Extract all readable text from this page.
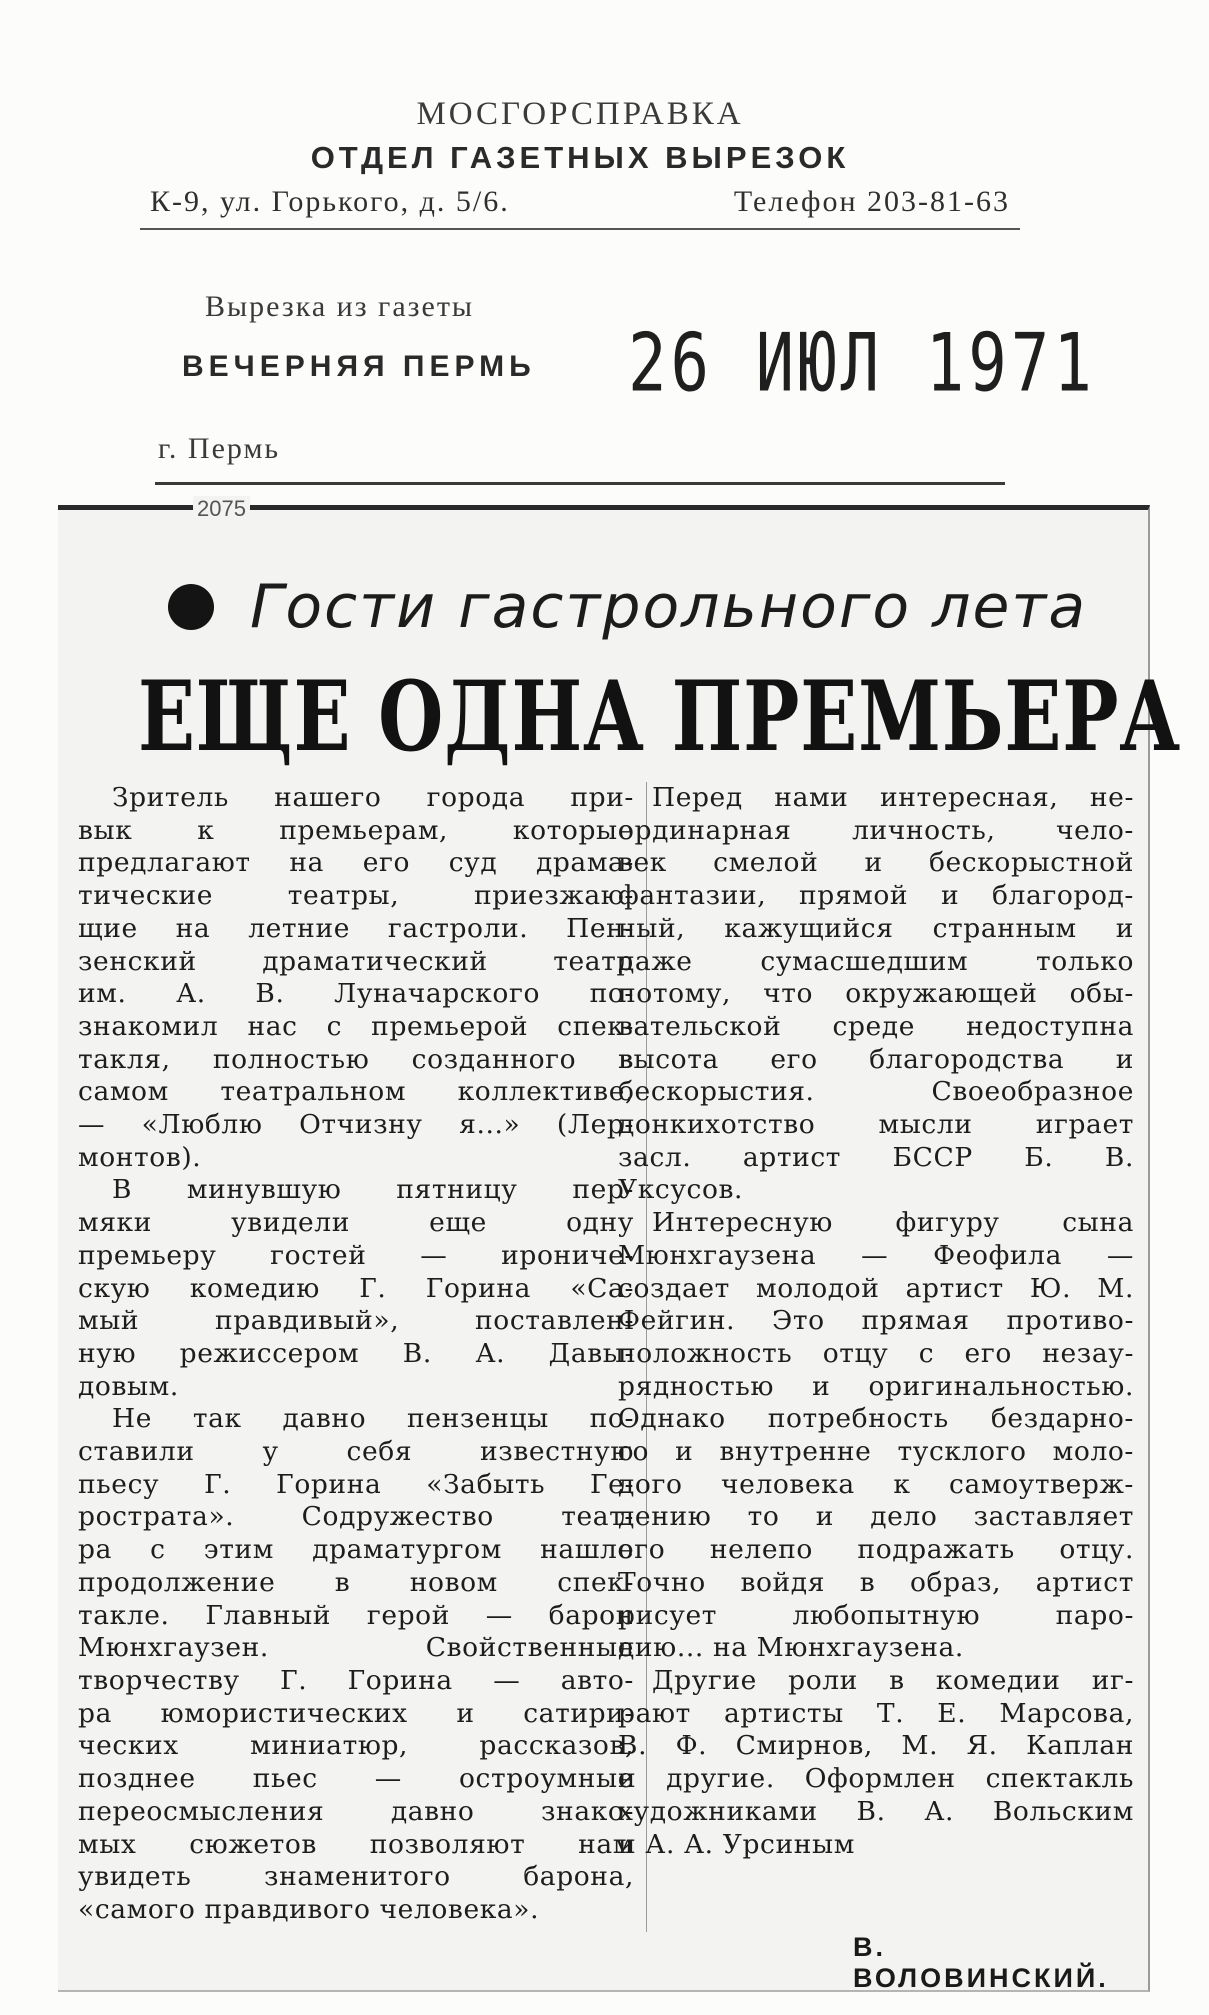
МОСГОРСПРАВКА
ОТДЕЛ ГАЗЕТНЫХ ВЫРЕЗОК
К-9, ул. Горького, д. 5/6.	Телефон 203-81-63
Вырезка из газеты
ВЕЧЕРНЯЯ ПЕРМЬ 26 ИЮЛ 1971
г. Пермь
2075
Гости гастрольного лета
ЕЩЕ ОДНА ПРЕМЬЕРА
Зритель нашего города при-
вык к премьерам, которые
предлагают на его суд драма-
тические театры, приезжаю-
щие на летние гастроли. Пен-
зенский драматический театр
им. А. В. Луначарского по-
знакомил нас с премьерой спек-
такля, полностью созданного в
самом театральном коллективе,
— «Люблю Отчизну я...» (Лер-
монтов).
В минувшую пятницу пер-
мяки увидели еще одну
премьеру гостей — ирониче-
скую комедию Г. Горина «Са-
мый правдивый», поставлен-
ную режиссером В. А. Давы-
довым.
Не так давно пензенцы по-
ставили у себя известную
пьесу Г. Горина «Забыть Ге-
рострата». Содружество теат-
ра с этим драматургом нашло
продолжение в новом спек-
такле. Главный герой — барон
Мюнхгаузен. Свойственные
творчеству Г. Горина — авто-
ра юмористических и сатири-
ческих миниатюр, рассказов,
позднее пьес — остроумные
переосмысления давно знако-
мых сюжетов позволяют нам
увидеть знаменитого барона,
«самого правдивого человека».
Перед нами интересная, не-
ординарная личность, чело-
век смелой и бескорыстной
фантазии, прямой и благород-
ный, кажущийся странным и
даже сумасшедшим только
потому, что окружающей обы-
вательской среде недоступна
высота его благородства и
бескорыстия. Своеобразное
донкихотство мысли играет
засл. артист БССР Б. В.
Уксусов.
Интересную фигуру сына
Мюнхгаузена — Феофила —
создает молодой артист Ю. М.
Фейгин. Это прямая противо-
положность отцу с его незау-
рядностью и оригинальностью.
Однако потребность бездарно-
го и внутренне тусклого моло-
дого человека к самоутверж-
дению то и дело заставляет
его нелепо подражать отцу.
Точно войдя в образ, артист
рисует любопытную паро-
дию... на Мюнхгаузена.
Другие роли в комедии иг-
рают артисты Т. Е. Марсова,
В. Ф. Смирнов, М. Я. Каплан
и другие. Оформлен спектакль
художниками В. А. Вольским
и А. А. Урсиным
В. ВОЛОВИНСКИЙ.
